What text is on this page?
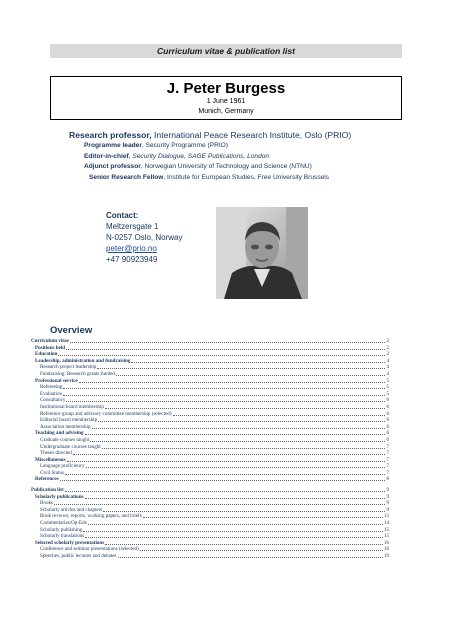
Curriculum vitae & publication list
J. Peter Burgess
1 June 1961
Munich, Germany
Research professor, International Peace Research Institute, Oslo (PRIO)
Programme leader, Security Programme (PRIO)
Editor-in-chief, Security Dialogue, SAGE Publications, London
Adjunct professor, Norwegian University of Technology and Science (NTNU)
Senior Research Fellow, Institute for European Studies, Free University Brussels
Contact:
Meltzersgate 1
N-0257 Oslo, Norway
peter@prio.no
+47 90923949
Overview
Curriculum vitae	2
Positions held	2
Education	2
Leadership, administration and fundraising	4
Research project leadership	4
Fundraising: Research grants funded	4
Professional service	5
Refereeing	5
Evaluation	5
Consultancy	6
Institutional board membership	6
Reference group and advisory committee membership (selected)	6
Editorial board membership	6
Association membership	6
Teaching and advising	6
Graduate courses taught	6
Undergraduate courses taught	7
Theses directed	7
Miscellaneous	7
Language proficiency	7
Civil Status	7
References	8
Publication list	9
Scholarly publications	9
Books	9
Scholarly articles and chapters	9
Book reviews, reports, working papers, and briefs	13
Commentaries/Op-Eds	14
Scholarly publishing	15
Scholarly translations	15
Selected scholarly presentations	16
Conference and seminar presentations (selected)	16
Speeches, public lectures and debates	19
